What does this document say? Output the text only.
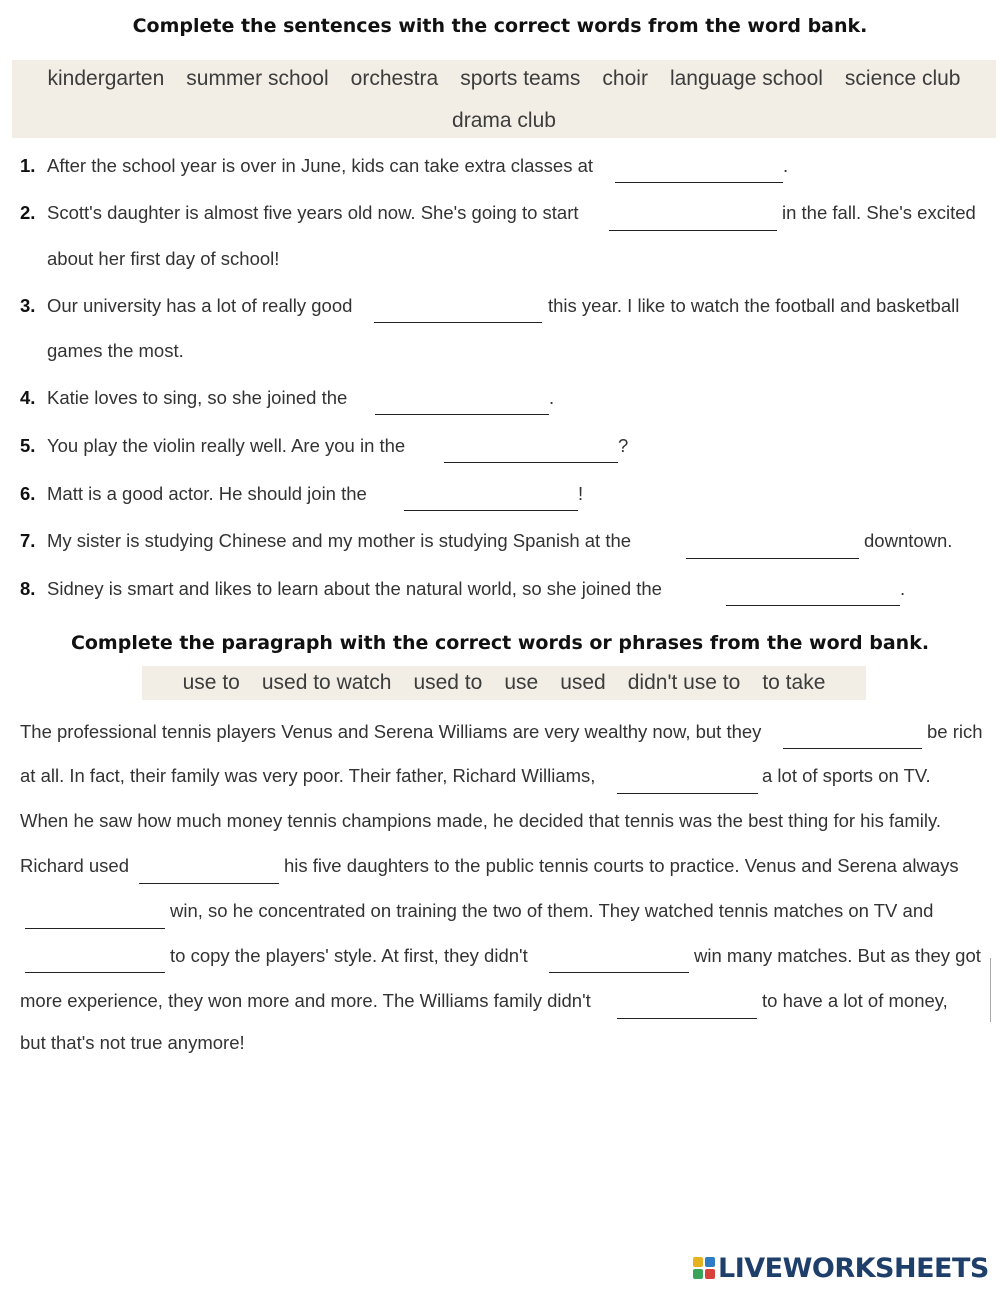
Complete the sentences with the correct words from the word bank.
kindergarten summer school orchestra sports teams choir language school science club
drama club
1. After the school year is over in June, kids can take extra classes at	.
2. Scott's daughter is almost five years old now. She's going to start	in the fall. She's excited
about her first day of school!
3. Our university has a lot of really good	this year. I like to watch the football and basketball
games the most.
4. Katie loves to sing, so she joined the	.
5. You play the violin really well. Are you in the	?
6. Matt is a good actor. He should join the	!
7. My sister is studying Chinese and my mother is studying Spanish at the	downtown.
8. Sidney is smart and likes to learn about the natural world, so she joined the	.
Complete the paragraph with the correct words or phrases from the word bank.
use to used to watch used to use used didn't use to to take
The professional tennis players Venus and Serena Williams are very wealthy now, but they	be rich
at all. In fact, their family was very poor. Their father, Richard Williams,	a lot of sports on TV.
When he saw how much money tennis champions made, he decided that tennis was the best thing for his family.
Richard used	his five daughters to the public tennis courts to practice. Venus and Serena always
win, so he concentrated on training the two of them. They watched tennis matches on TV and
to copy the players' style. At first, they didn't	win many matches. But as they got
more experience, they won more and more. The Williams family didn't	to have a lot of money,
but that's not true anymore!
LIVEWORKSHEETS
